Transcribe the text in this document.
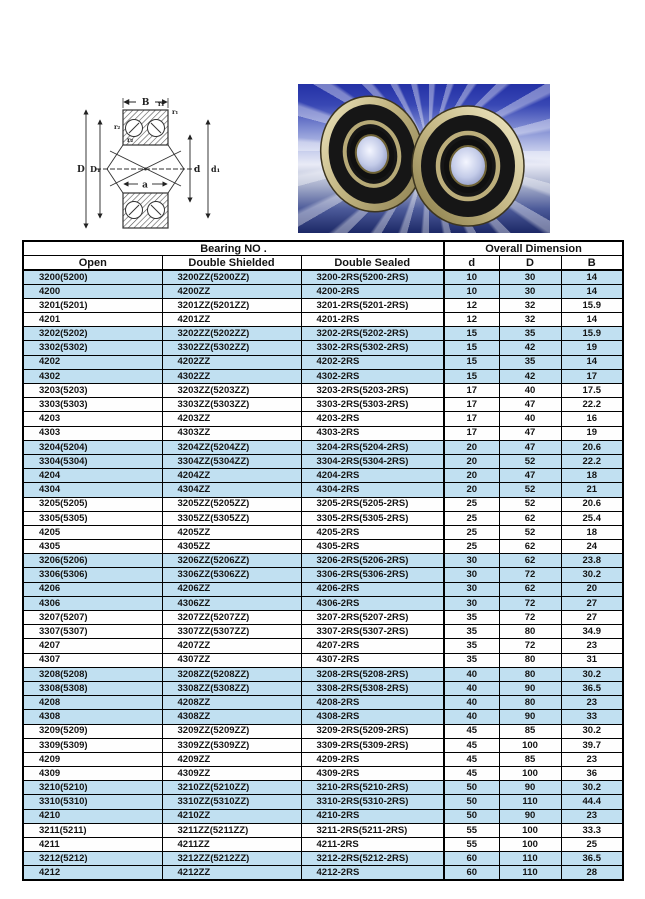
B
D D₁	d d₁
a
r₂
r₁
r₂
r₂
Bearing NO .			Overall Dimension		
Open	Double Shielded	Double Sealed	d	D	B
3200(5200)	3200ZZ(5200ZZ)	3200-2RS(5200-2RS)	10	30	14
4200	4200ZZ	4200-2RS	10	30	14
3201(5201)	3201ZZ(5201ZZ)	3201-2RS(5201-2RS)	12	32	15.9
4201	4201ZZ	4201-2RS	12	32	14
3202(5202)	3202ZZ(5202ZZ)	3202-2RS(5202-2RS)	15	35	15.9
3302(5302)	3302ZZ(5302ZZ)	3302-2RS(5302-2RS)	15	42	19
4202	4202ZZ	4202-2RS	15	35	14
4302	4302ZZ	4302-2RS	15	42	17
3203(5203)	3203ZZ(5203ZZ)	3203-2RS(5203-2RS)	17	40	17.5
3303(5303)	3303ZZ(5303ZZ)	3303-2RS(5303-2RS)	17	47	22.2
4203	4203ZZ	4203-2RS	17	40	16
4303	4303ZZ	4303-2RS	17	47	19
3204(5204)	3204ZZ(5204ZZ)	3204-2RS(5204-2RS)	20	47	20.6
3304(5304)	3304ZZ(5304ZZ)	3304-2RS(5304-2RS)	20	52	22.2
4204	4204ZZ	4204-2RS	20	47	18
4304	4304ZZ	4304-2RS	20	52	21
3205(5205)	3205ZZ(5205ZZ)	3205-2RS(5205-2RS)	25	52	20.6
3305(5305)	3305ZZ(5305ZZ)	3305-2RS(5305-2RS)	25	62	25.4
4205	4205ZZ	4205-2RS	25	52	18
4305	4305ZZ	4305-2RS	25	62	24
3206(5206)	3206ZZ(5206ZZ)	3206-2RS(5206-2RS)	30	62	23.8
3306(5306)	3306ZZ(5306ZZ)	3306-2RS(5306-2RS)	30	72	30.2
4206	4206ZZ	4206-2RS	30	62	20
4306	4306ZZ	4306-2RS	30	72	27
3207(5207)	3207ZZ(5207ZZ)	3207-2RS(5207-2RS)	35	72	27
3307(5307)	3307ZZ(5307ZZ)	3307-2RS(5307-2RS)	35	80	34.9
4207	4207ZZ	4207-2RS	35	72	23
4307	4307ZZ	4307-2RS	35	80	31
3208(5208)	3208ZZ(5208ZZ)	3208-2RS(5208-2RS)	40	80	30.2
3308(5308)	3308ZZ(5308ZZ)	3308-2RS(5308-2RS)	40	90	36.5
4208	4208ZZ	4208-2RS	40	80	23
4308	4308ZZ	4308-2RS	40	90	33
3209(5209)	3209ZZ(5209ZZ)	3209-2RS(5209-2RS)	45	85	30.2
3309(5309)	3309ZZ(5309ZZ)	3309-2RS(5309-2RS)	45	100	39.7
4209	4209ZZ	4209-2RS	45	85	23
4309	4309ZZ	4309-2RS	45	100	36
3210(5210)	3210ZZ(5210ZZ)	3210-2RS(5210-2RS)	50	90	30.2
3310(5310)	3310ZZ(5310ZZ)	3310-2RS(5310-2RS)	50	110	44.4
4210	4210ZZ	4210-2RS	50	90	23
3211(5211)	3211ZZ(5211ZZ)	3211-2RS(5211-2RS)	55	100	33.3
4211	4211ZZ	4211-2RS	55	100	25
3212(5212)	3212ZZ(5212ZZ)	3212-2RS(5212-2RS)	60	110	36.5
4212	4212ZZ	4212-2RS	60	110	28
